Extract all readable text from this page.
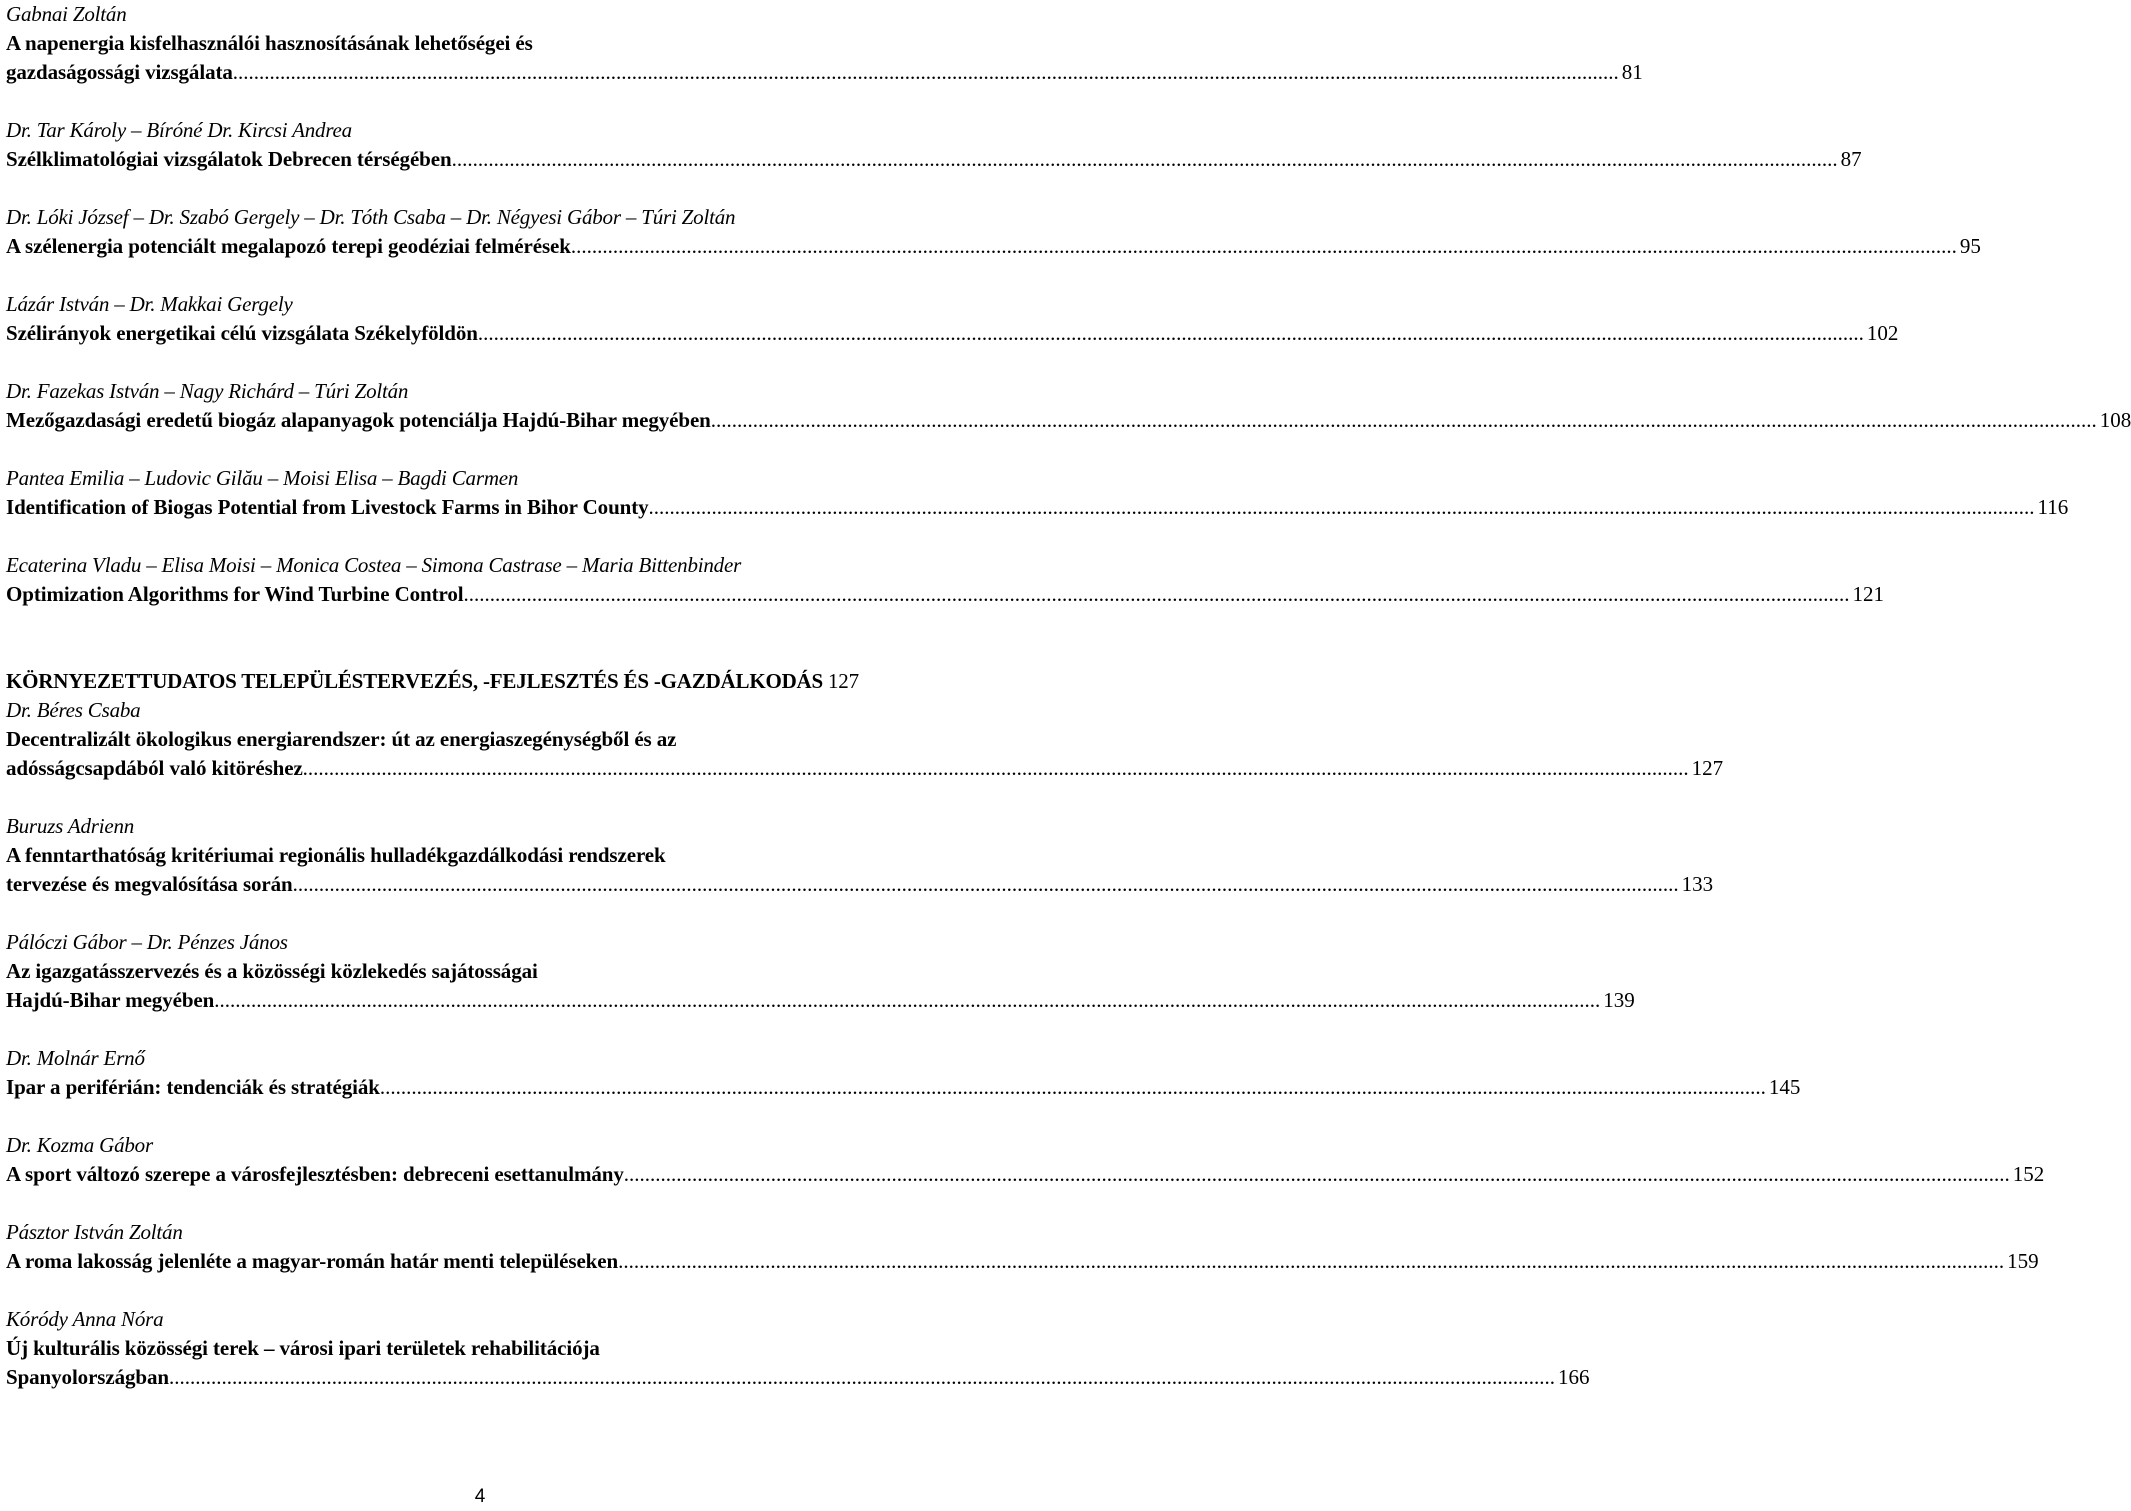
Gabnai Zoltán
A napenergia kisfelhasználói hasznosításának lehetőségei és
gazdaságossági vizsgálata .....	81
Dr. Tar Károly – Bíróné Dr. Kircsi Andrea
Szélklimatológiai vizsgálatok Debrecen térségében .....	87
Dr. Lóki József – Dr. Szabó Gergely – Dr. Tóth Csaba – Dr. Négyesi Gábor – Túri Zoltán
A szélenergia potenciált megalapozó terepi geodéziai felmérések .....	95
Lázár István – Dr. Makkai Gergely
Szélirányok energetikai célú vizsgálata Székelyföldön .....	102
Dr. Fazekas István – Nagy Richárd – Túri Zoltán
Mezőgazdasági eredetű biogáz alapanyagok potenciálja Hajdú-Bihar megyében .....	108
Pantea Emilia – Ludovic Gilău – Moisi Elisa – Bagdi Carmen
Identification of Biogas Potential from Livestock Farms in Bihor County .....	116
Ecaterina Vladu – Elisa Moisi – Monica Costea – Simona Castrase – Maria Bittenbinder
Optimization Algorithms for Wind Turbine Control .....	121
KÖRNYEZETTUDATOS TELEPÜLÉSTERVEZÉS, -FEJLESZTÉS ÉS -GAZDÁLKODÁS 127
Dr. Béres Csaba
Decentralizált ökologikus energiarendszer: út az energiaszegénységből és az
adósságcsapdából való kitöréshez .....	127
Buruzs Adrienn
A fenntarthatóság kritériumai regionális hulladékgazdálkodási rendszerek
tervezése és megvalósítása során .....	133
Pálóczi Gábor – Dr. Pénzes János
Az igazgatásszervezés és a közösségi közlekedés sajátosságai
Hajdú-Bihar megyében .....	139
Dr. Molnár Ernő
Ipar a periférián: tendenciák és stratégiák .....	145
Dr. Kozma Gábor
A sport változó szerepe a városfejlesztésben: debreceni esettanulmány .....	152
Pásztor István Zoltán
A roma lakosság jelenléte a magyar-román határ menti településeken .....	159
Kóródy Anna Nóra
Új kulturális közösségi terek – városi ipari területek rehabilitációja
Spanyolországban .....	166
4
